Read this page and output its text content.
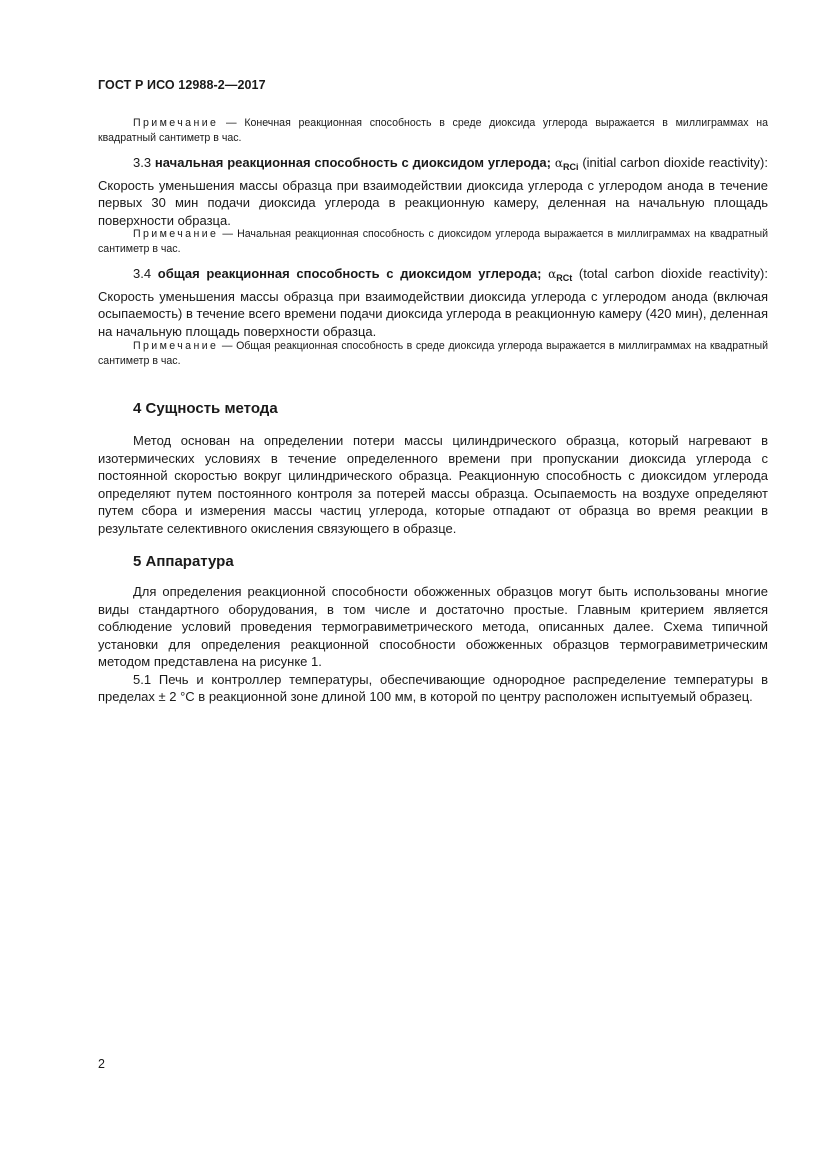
ГОСТ Р ИСО 12988-2—2017

Примечание — Конечная реакционная способность в среде диоксида углерода выражается в миллиграммах на квадратный сантиметр в час.

3.3 начальная реакционная способность с диоксидом углерода; $\alpha_{RCi}$ (initial carbon dioxide reactivity): Скорость уменьшения массы образца при взаимодействии диоксида углерода с углеродом анода в течение первых 30 мин подачи диоксида углерода в реакционную камеру, деленная на начальную площадь поверхности образца.

Примечание — Начальная реакционная способность с диоксидом углерода выражается в миллиграммах на квадратный сантиметр в час.

3.4 общая реакционная способность с диоксидом углерода; $\alpha_{RCt}$ (total carbon dioxide reactivity): Скорость уменьшения массы образца при взаимодействии диоксида углерода с углеродом анода (включая осыпаемость) в течение всего времени подачи диоксида углерода в реакционную камеру (420 мин), деленная на начальную площадь поверхности образца.

Примечание — Общая реакционная способность в среде диоксида углерода выражается в миллиграммах на квадратный сантиметр в час.

4 Сущность метода

Метод основан на определении потери массы цилиндрического образца, который нагревают в изотермических условиях в течение определенного времени при пропускании диоксида углерода с постоянной скоростью вокруг цилиндрического образца. Реакционную способность с диоксидом углерода определяют путем постоянного контроля за потерей массы образца. Осыпаемость на воздухе определяют путем сбора и измерения массы частиц углерода, которые отпадают от образца во время реакции в результате селективного окисления связующего в образце.

5 Аппаратура

Для определения реакционной способности обожженных образцов могут быть использованы многие виды стандартного оборудования, в том числе и достаточно простые. Главным критерием является соблюдение условий проведения термогравиметрического метода, описанных далее. Схема типичной установки для определения реакционной способности обожженных образцов термогравиметрическим методом представлена на рисунке 1.

5.1 Печь и контроллер температуры, обеспечивающие однородное распределение температуры в пределах ± 2 °С в реакционной зоне длиной 100 мм, в которой по центру расположен испытуемый образец.

2
